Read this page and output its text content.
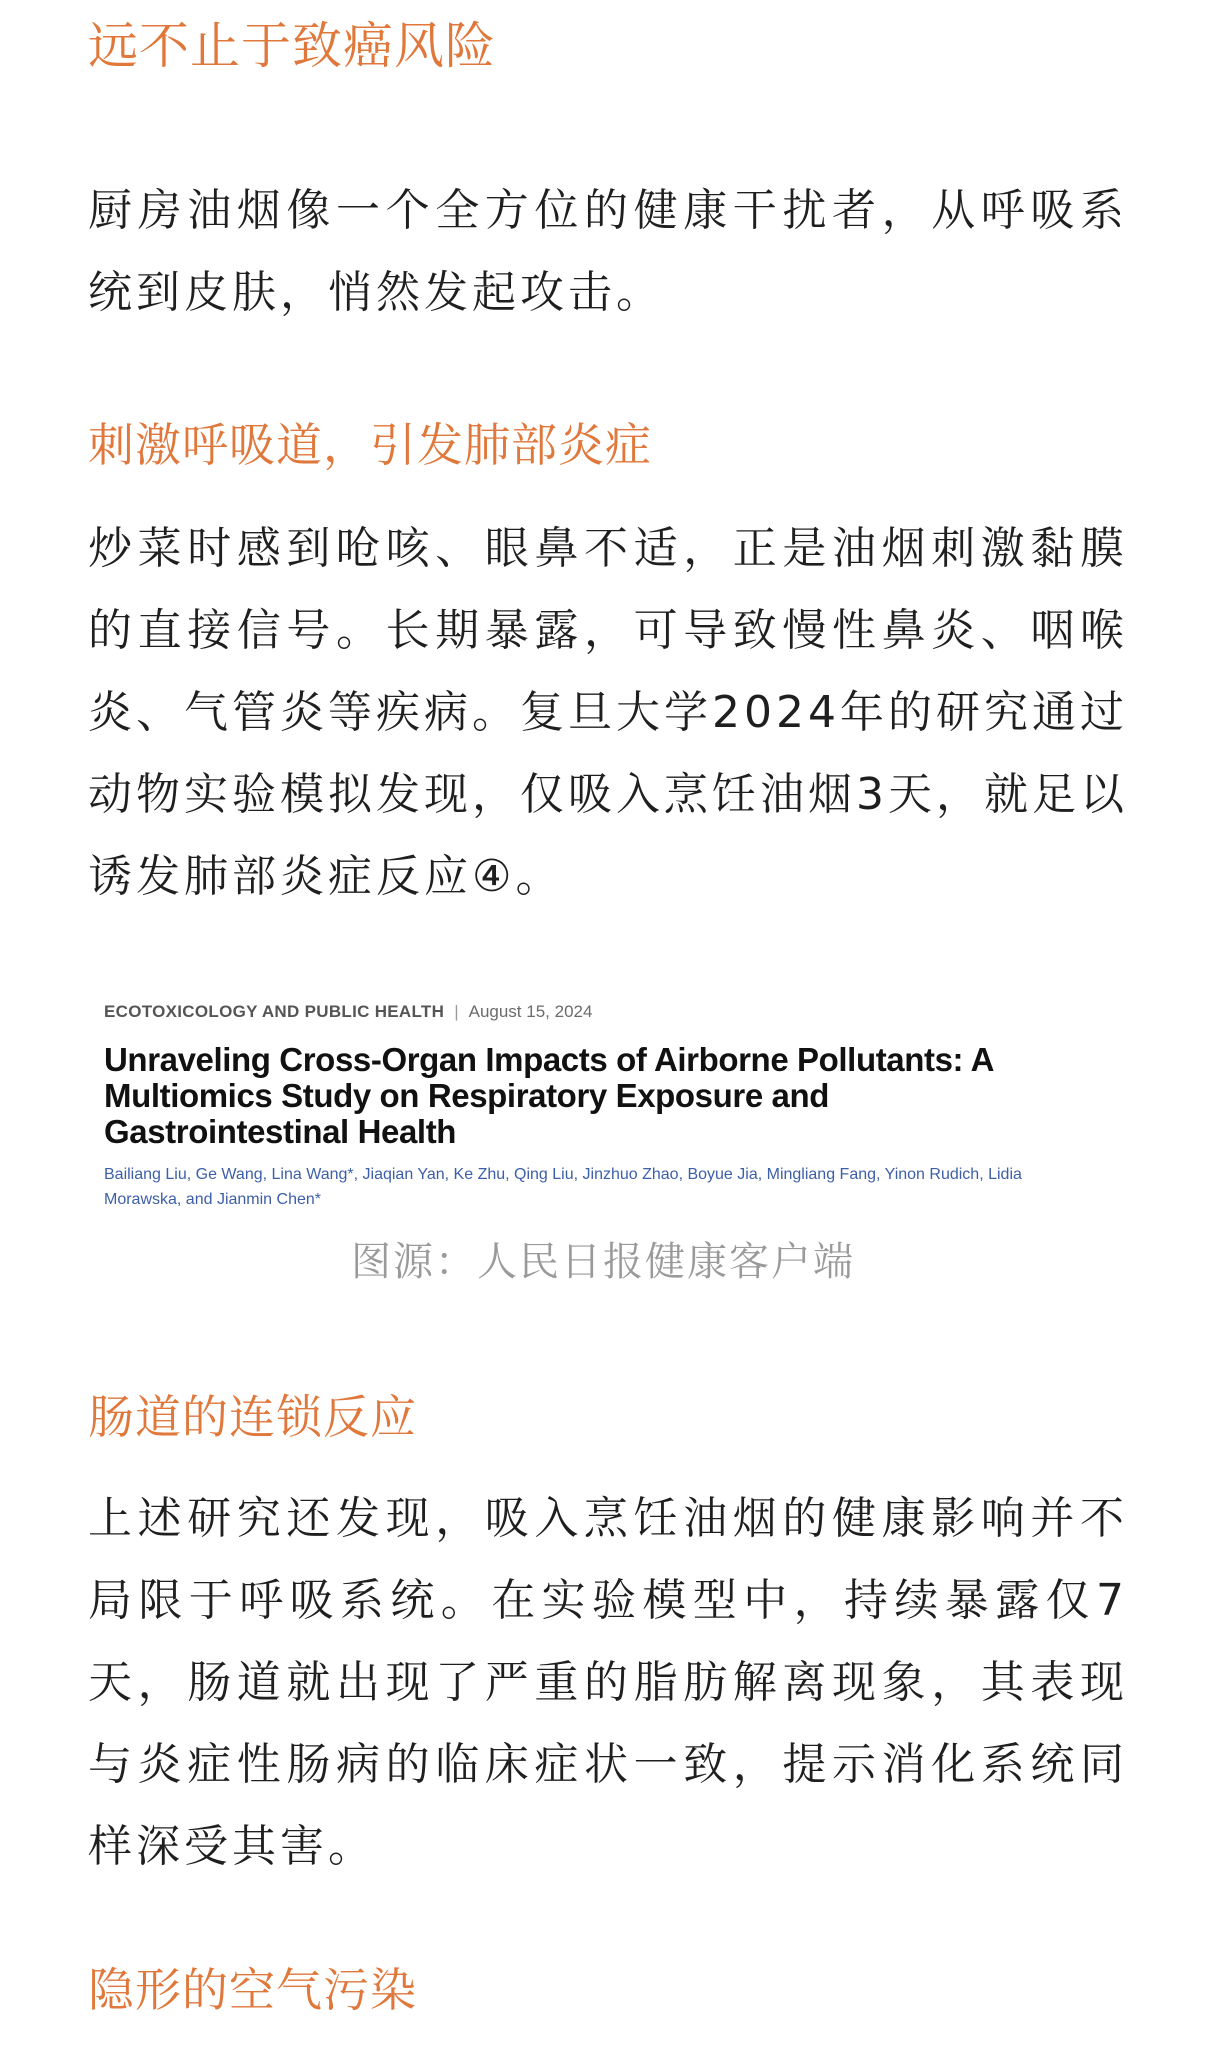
远不止于致癌风险

厨房油烟像一个全方位的健康干扰者，从呼吸系统到皮肤，悄然发起攻击。

刺激呼吸道，引发肺部炎症

炒菜时感到呛咳、眼鼻不适，正是油烟刺激黏膜的直接信号。长期暴露，可导致慢性鼻炎、咽喉炎、气管炎等疾病。复旦大学2024年的研究通过动物实验模拟发现，仅吸入烹饪油烟3天，就足以诱发肺部炎症反应④。

ECOTOXICOLOGY AND PUBLIC HEALTH | August 15, 2024

Unraveling Cross-Organ Impacts of Airborne Pollutants: A Multiomics Study on Respiratory Exposure and Gastrointestinal Health

Bailiang Liu, Ge Wang, Lina Wang*, Jiaqian Yan, Ke Zhu, Qing Liu, Jinzhuo Zhao, Boyue Jia, Mingliang Fang, Yinon Rudich, Lidia Morawska, and Jianmin Chen*

图源：人民日报健康客户端

肠道的连锁反应

上述研究还发现，吸入烹饪油烟的健康影响并不局限于呼吸系统。在实验模型中，持续暴露仅7天，肠道就出现了严重的脂肪解离现象，其表现与炎症性肠病的临床症状一致，提示消化系统同样深受其害。

隐形的空气污染
